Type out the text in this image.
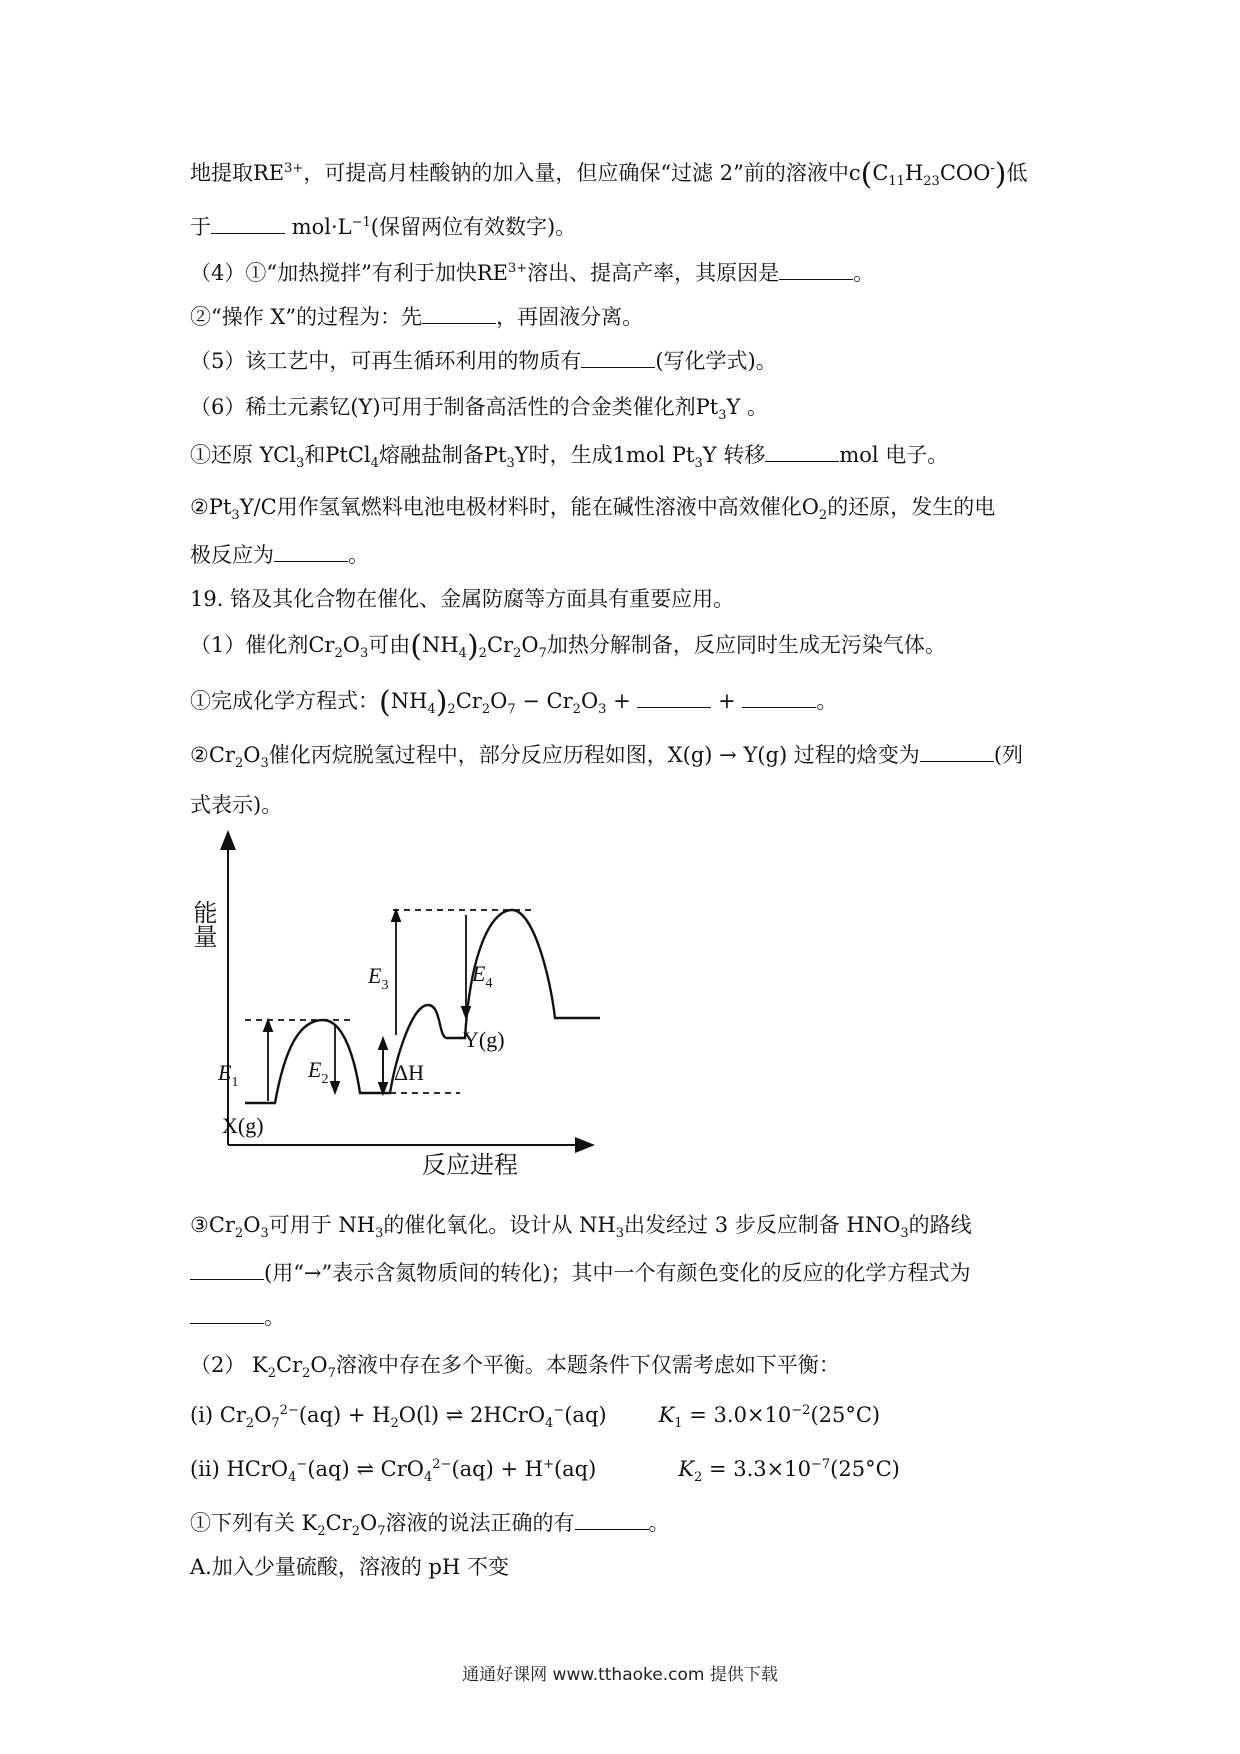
地提取$RE^{3+}$，可提高月桂酸钠的加入量，但应确保“过滤 2”前的溶液中$c(C_{11}H_{23}COO^-)$低
于	$mol\cdot L^{-1}$(保留两位有效数字)。
（4）①“加热搅拌”有利于加快$RE^{3+}$溶出、提高产率，其原因是	。
②“操作 X”的过程为：先	，再固液分离。
（5）该工艺中，可再生循环利用的物质有	(写化学式)。
（6）稀土元素钇(Y)可用于制备高活性的合金类催化剂$Pt_3Y$ 。
①还原 YCl$_3$和PtCl$_4$熔融盐制备$Pt_3Y$时，生成1mol $Pt_3Y$ 转移	mol 电子。
$②Pt_3Y/C$用作氢氧燃料电池电极材料时，能在碱性溶液中高效催化$O_2$的还原，发生的电
极反应为	。
19. 铬及其化合物在催化、金属防腐等方面具有重要应用。
（1）催化剂$Cr_2O_3$可由$(NH_4)_2Cr_2O_7$加热分解制备，反应同时生成无污染气体。
①完成化学方程式：$(NH_4)_2Cr_2O_7 - Cr_2O_3$ +	+	。
$②Cr_2O_3$催化丙烷脱氢过程中，部分反应历程如图，X(g) → Y(g) 过程的焓变为	(列
式表示)。
能量
反应进程
$E_1$
$E_2$
$E_3$	$E_4$
ΔH
X(g)
Y(g)
$③Cr_2O_3$可用于 $NH_3$的催化氧化。设计从 $NH_3$出发经过 3 步反应制备 $HNO_3$的路线
(用“→”表示含氮物质间的转化)；其中一个有颜色变化的反应的化学方程式为
。
（2） $K_2Cr_2O_7$溶液中存在多个平衡。本题条件下仅需考虑如下平衡：
(i) $Cr_2O_7^{2-}(aq) + H_2O(l)$ ⇌ 2HCrO$_4$−(aq) $K_1 = 3.0\times 10^{-2}(25^\circ C)$
(ii) HCrO$_4$−(aq) ⇌ CrO$_4^{2-}$(aq) + H+(aq)	$K_2 = 3.3\times 10^{-7}(25^\circ C)$
①下列有关 $K_2Cr_2O_7$溶液的说法正确的有	。
A.加入少量硫酸，溶液的 pH 不变
通通好课网 www.tthaoke.com 提供下载
